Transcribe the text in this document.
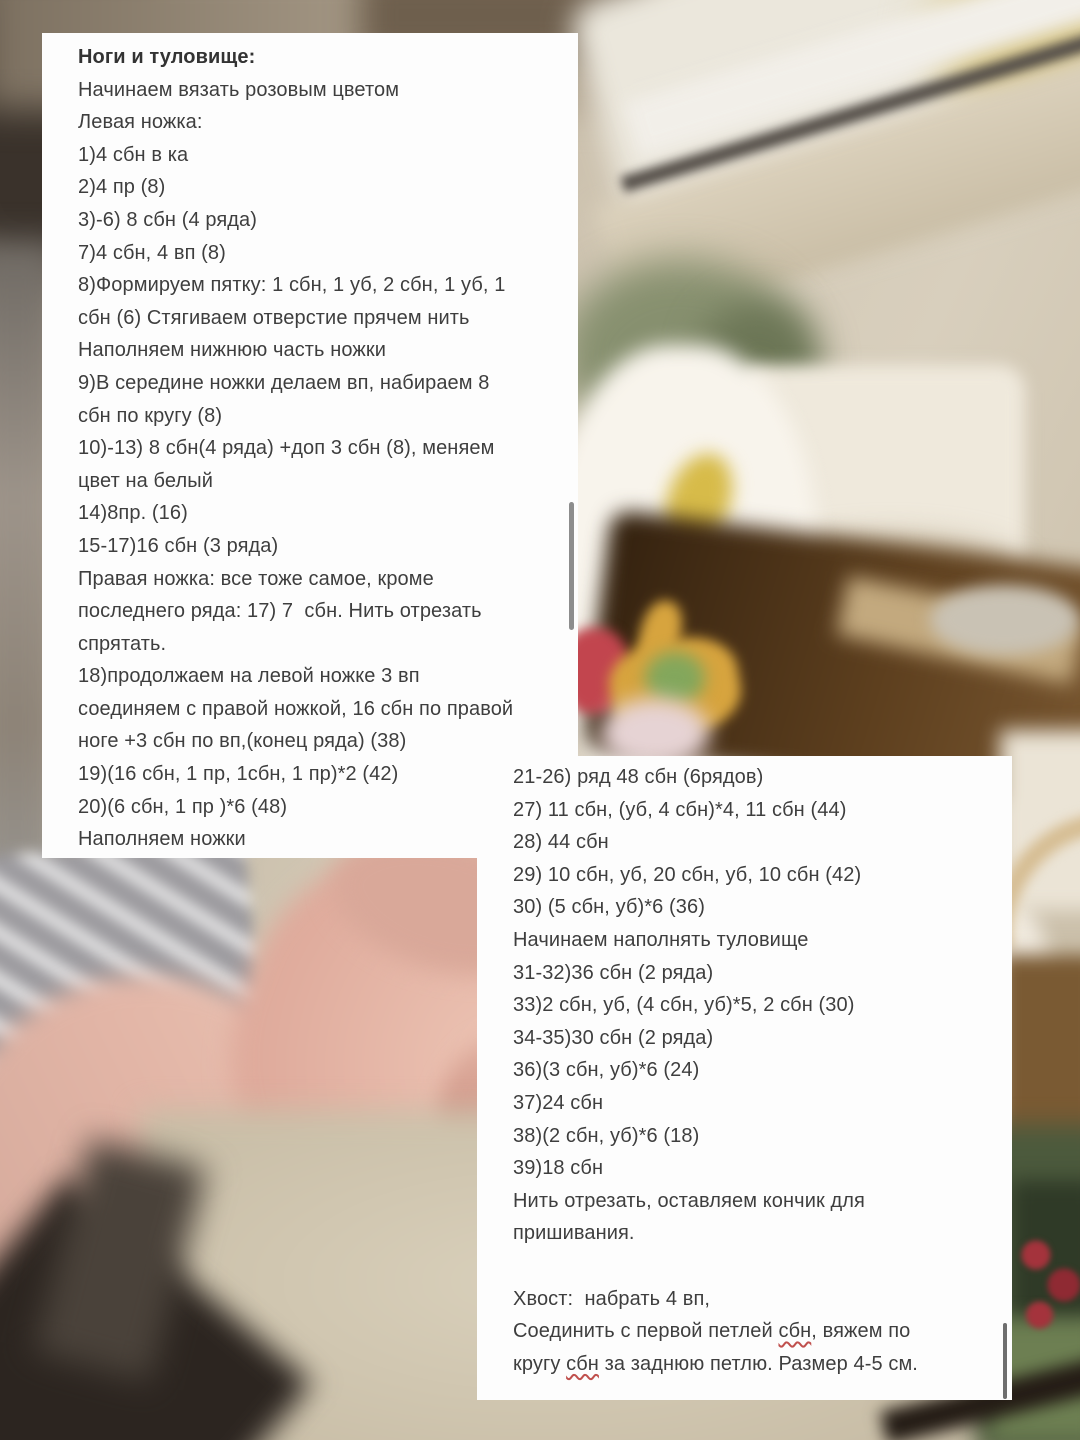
Ноги и туловище:
Начинаем вязать розовым цветом
Левая ножка:
1)4 сбн в ка
2)4 пр (8)
3)-6) 8 сбн (4 ряда)
7)4 сбн, 4 вп (8)
8)Формируем пятку: 1 сбн, 1 уб, 2 сбн, 1 уб, 1
сбн (6) Стягиваем отверстие прячем нить
Наполняем нижнюю часть ножки
9)В середине ножки делаем вп, набираем 8
сбн по кругу (8)
10)-13) 8 сбн(4 ряда) +доп 3 сбн (8), меняем
цвет на белый
14)8пр. (16)
15-17)16 сбн (3 ряда)
Правая ножка: все тоже самое, кроме
последнего ряда: 17) 7  сбн. Нить отрезать
спрятать.
18)продолжаем на левой ножке 3 вп
соединяем с правой ножкой, 16 сбн по правой
ноге +3 сбн по вп,(конец ряда) (38)
19)(16 сбн, 1 пр, 1сбн, 1 пр)*2 (42)
20)(6 сбн, 1 пр )*6 (48)
Наполняем ножки
21-26) ряд 48 сбн (6рядов)
27) 11 сбн, (уб, 4 сбн)*4, 11 сбн (44)
28) 44 сбн
29) 10 сбн, уб, 20 сбн, уб, 10 сбн (42)
30) (5 сбн, уб)*6 (36)
Начинаем наполнять туловище
31-32)36 сбн (2 ряда)
33)2 сбн, уб, (4 сбн, уб)*5, 2 сбн (30)
34-35)30 сбн (2 ряда)
36)(3 сбн, уб)*6 (24)
37)24 сбн
38)(2 сбн, уб)*6 (18)
39)18 сбн
Нить отрезать, оставляем кончик для
пришивания.

Хвост:  набрать 4 вп,
Соединить с первой петлей сбн, вяжем по
кругу сбн за заднюю петлю. Размер 4-5 см.
